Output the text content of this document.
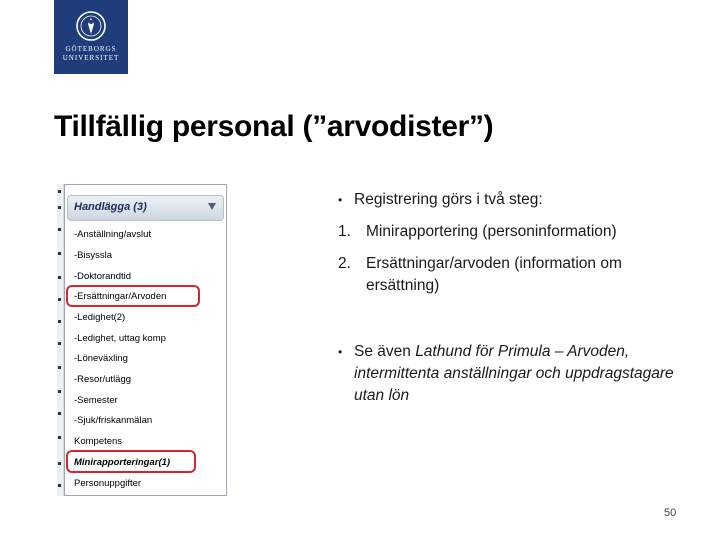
GÖTEBORGS
UNIVERSITET
Tillfällig personal (”arvodister”)
Handlägga (3)
-Anställning/avslut
-Bisyssla
-Doktorandtid
-Ersättningar/Arvoden
-Ledighet(2)
-Ledighet, uttag komp
-Löneväxling
-Resor/utlägg
-Semester
-Sjuk/friskanmälan
Kompetens
Minirapporteringar(1)
Personuppgifter
• Registrering görs i två steg:
1. Minirapportering (personinformation)
2. Ersättningar/arvoden (information om ersättning)
• Se även Lathund för Primula – Arvoden, intermittenta anställningar och uppdragstagare utan lön
50
